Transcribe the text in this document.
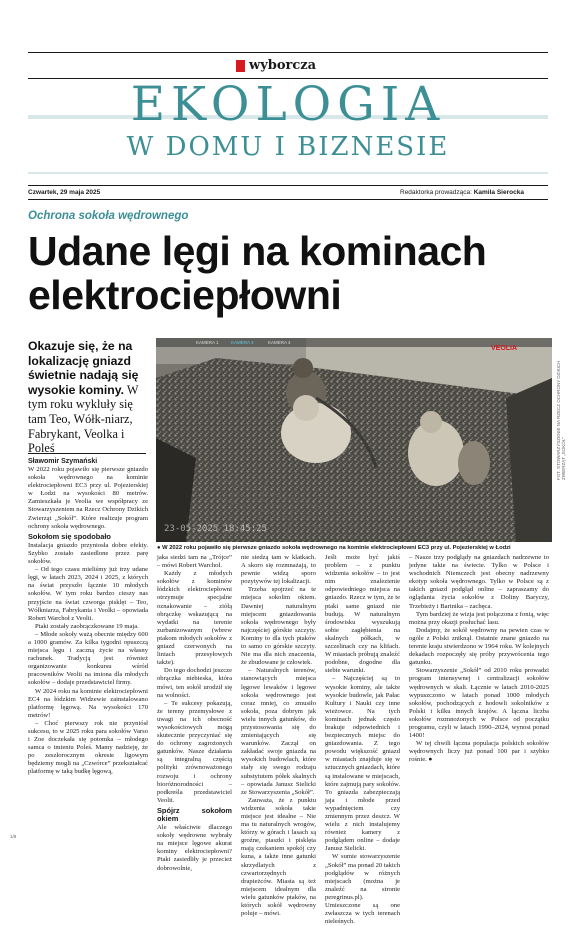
wyborcza
EKOLOGIA
W DOMU I BIZNESIE
Czwartek, 29 maja 2025	Redaktorka prowadząca: Kamila Sierocka
Ochrona sokoła wędrownego
Udane lęgi na kominach elektrociepłowni
Okazuje się, że na lokalizację gniazd świetnie nadają się wysokie kominy. W tym roku wykluły się tam Teo, Wółk-niarz, Fabrykant, Veolka i Poleś
Sławomir Szymański
KAMERA 1	KAMERA 3	KAMERA 4
VEOLIA
23-05-2025 18:45:25
FOT. STOWARZYSZENIE NA RZECZ OCHRONY DZIKICH ZWIERZĄT „SOKÓŁ”
● W 2022 roku pojawiło się pierwsze gniazdo sokoła wędrownego na kominie elektrociepłowni EC3 przy ul. Pojezierskiej w Łodzi

W 2022 roku pojawiło się pierwsze gniazdo sokoła wędrownego na kominie elektrociepłowni EC3 przy ul. Pojezierskiej w Łodzi na wysokości 80 metrów. Zamieszkała je Veolia we współpracy ze Stowarzyszeniem na Rzecz Ochrony Dzikich Zwierząt „Sokół”. Które realizuje program ochrony sokoła wędrownego.

Sokołom się spodobało

Instalacja gniazdo przyniosła dobre efekty. Szybko zostało zasiedlone przez parę sokołów.

– Od tego czasu mieliśmy już trzy udane lęgi, w latach 2023, 2024 i 2025, z których na świat przyszło łącznie 10 młodych sokołów. W tym roku bardzo cieszy nas przyjście na świat czworga pisklęt – Teo, Wółkniarza, Fabrykanta i Veolki – opowiada Robert Warchoł z Veolii.

Ptaki zostały zaobrączkowane 19 maja.

– Młode sokoły ważą obecnie między 600 a 1000 gramów. Za kilka tygodni opuszczą miejsca lęgu i zaczną życie na własny rachunek. Tradycją jest również organizowanie konkursu wśród pracowników Veolii na imiona dla młodych sokołów – dodaje przedstawiciel firmy.

W 2024 roku na kominie elektrociepłowni EC4 na łódzkim Widzewie zainstalowano platformę lęgową. Na wysokości 170 metrów!

– Choć pierwszy rok nie przyniósł sukcesu, to w 2025 roku para sokołów Varso i Zoe doczekała się potomka – młodego samca o imieniu Poleś. Mamy nadzieję, że po zeszłorocznym okresie ligowym będziemy mogli na „Czwórce” przekształcać platformę w taką budkę lęgową,

jaka siedzi tam na „Trójce” – mówi Robert Warchoł.

Każdy z młodych sokołów z kominów łódzkich elektrociepłowni otrzymuje specjalne oznakowanie – ziółą obrączkę wskazującą na wydatki na terenie zurbanizowanym (wbrew ptakom młodych sokołów z gniazd czerwonych na liniach przesyłowych także).

Do tego dochodzi jeszcze obrączka niebieska, która mówi, ten sokół urodził się na wolności.

– Te sukcesy pokazują, że tereny przemysłowe z uwagi na ich obecność wysokościowych mogą skutecznie przyczyniać się do ochrony zagrożonych gatunków. Nasze działania są integralną częścią polityki zrównoważonego rozwoju i ochrony bioróżnorodności – podkreśla przedstawiciel Veolii.

Spójrz sokołom okiem

Ale właściwie dlaczego sokoły wędrowne wybrały na miejsce lęgowe akurat kominy elektrociepłowni? Ptaki zasiedliły je przecież dobrowolnie,

nie siedzą tam w klatkach. A skoro się rozmnażają, to pewnie widzą sporo pozytywów tej lokalizacji.

Trzeba spojrzeć na te miejsca sokolim okiem. Dawniej naturalnym miejscem gniazdowania sokoła wędrownego były najczęściej górskie szczyty. Kominy to dla tych ptaków to samo co górskie szczyty. Nie ma dla nich znaczenia, że zbudowane je człowiek.

– Naturalnych terenów, stanowiących miejsca lęgowe lewaków i lęgowe sokoła wędrownego jest coraz mniej, co zmusiło sokoła, poza dobrym jak wielu innych gatunków, do przystosowania się do zmieniających się warunków. Zaczął on zakładać swoje gniazda na wysokich budowlach, które stały się swego rodzaju substytutem półek skalnych – opowiada Janusz Sielicki ze Stowarzyszenia „Sokół”.

Zauważa, że z punktu widzenia sokoła takie miejsce jest idealne – Nie ma tu naturalnych wrogów, którzy w górach i lasach są groźne, ptaszki i pisklęta mają czekaniem spokój czy kuna, a także inne gatunki skrzydlatych z czwartorzędnych drapieżców. Miasta są też miejscem idealnym dla wielu gatunków ptaków, na których sokół wędrowny poluje – mówi.

Jeśli może być jakiś problem – z punktu widzenia sokołów – to jest nim znalezienie odpowiedniego miejsca na gniazdo. Rzecz w tym, że te ptaki same gniazd nie budują. W naturalnym środowisku wyszukują sobie zagłębienia na skalnych półkach, w szczelinach czy na klifach. W miastach próbują znaleźć podobne, dogodne dla siebie warunki.

– Najczęściej są to wysokie kominy, ale także wysokie budowle, jak Pałac Kultury i Nauki czy inne wieżowce. Na tych kominach jednak często brakuje odpowiednich i bezpiecznych miejsc do gniazdowania. Z tego powodu większość gniazd w miastach znajduje się w sztucznych gniazdach, które są instalowane w miejscach, które zajmują pary sokołów. To gniazda zabezpieczają jaja i młode przed wypadnięciem czy zmiennym przez deszcz. W wielu z nich instalujemy również kamery z podglądem online – dodaje Janusz Sielicki.

W sumie stowarzyszenie „Sokół” ma ponad 20 takich podglądów w różnych miejscach (można je znaleźć na stronie peregrinus.pl). Umieszczone są one zwłaszcza w tych terenach nieleśnych.

– Nasze trzy podglądy na gniazdach nadrzewne to jedyne takie na świecie. Tylko w Polsce i wschodnich Niemczech jest obecny nadrzewny ekotyp sokoła wędrownego. Tylko w Polsce są z takich gniazd podgląd online – zapraszamy do oglądania życia sokołów z Doliny Baryczy, Trzebieży i Bartnika – zachęca.

Tym bardziej że wizja jest połączona z fonią, więc można przy okazji posłuchać lasu.

Dodajmy, że sokół wędrowny na pewien czas w ogóle z Polski zniknął. Ostatnie znane gniazdo na terenie kraju stwierdzono w 1964 roku. W kolejnych dekadach rozpoczęły się próby przywrócenia tego gatunku.

Stowarzyszenie „Sokół” od 2010 roku prowadzi program intensywnej i centralizacji sokołów wędrownych w skali. Łącznie w latach 2010-2025 wypuszczono w latach ponad 1000 młodych sokołów, pochodzących z hodowli sokolników z Polski i kilku innych krajów. A łączna liczba sokołów rozmnożonych w Polsce od początku programu, czyli w latach 1990–2024, wynosi ponad 1400!

W tej chwili łączna populacja polskich sokołów wędrownych liczy już ponad 100 par i szybko rośnie. ●

1/8
